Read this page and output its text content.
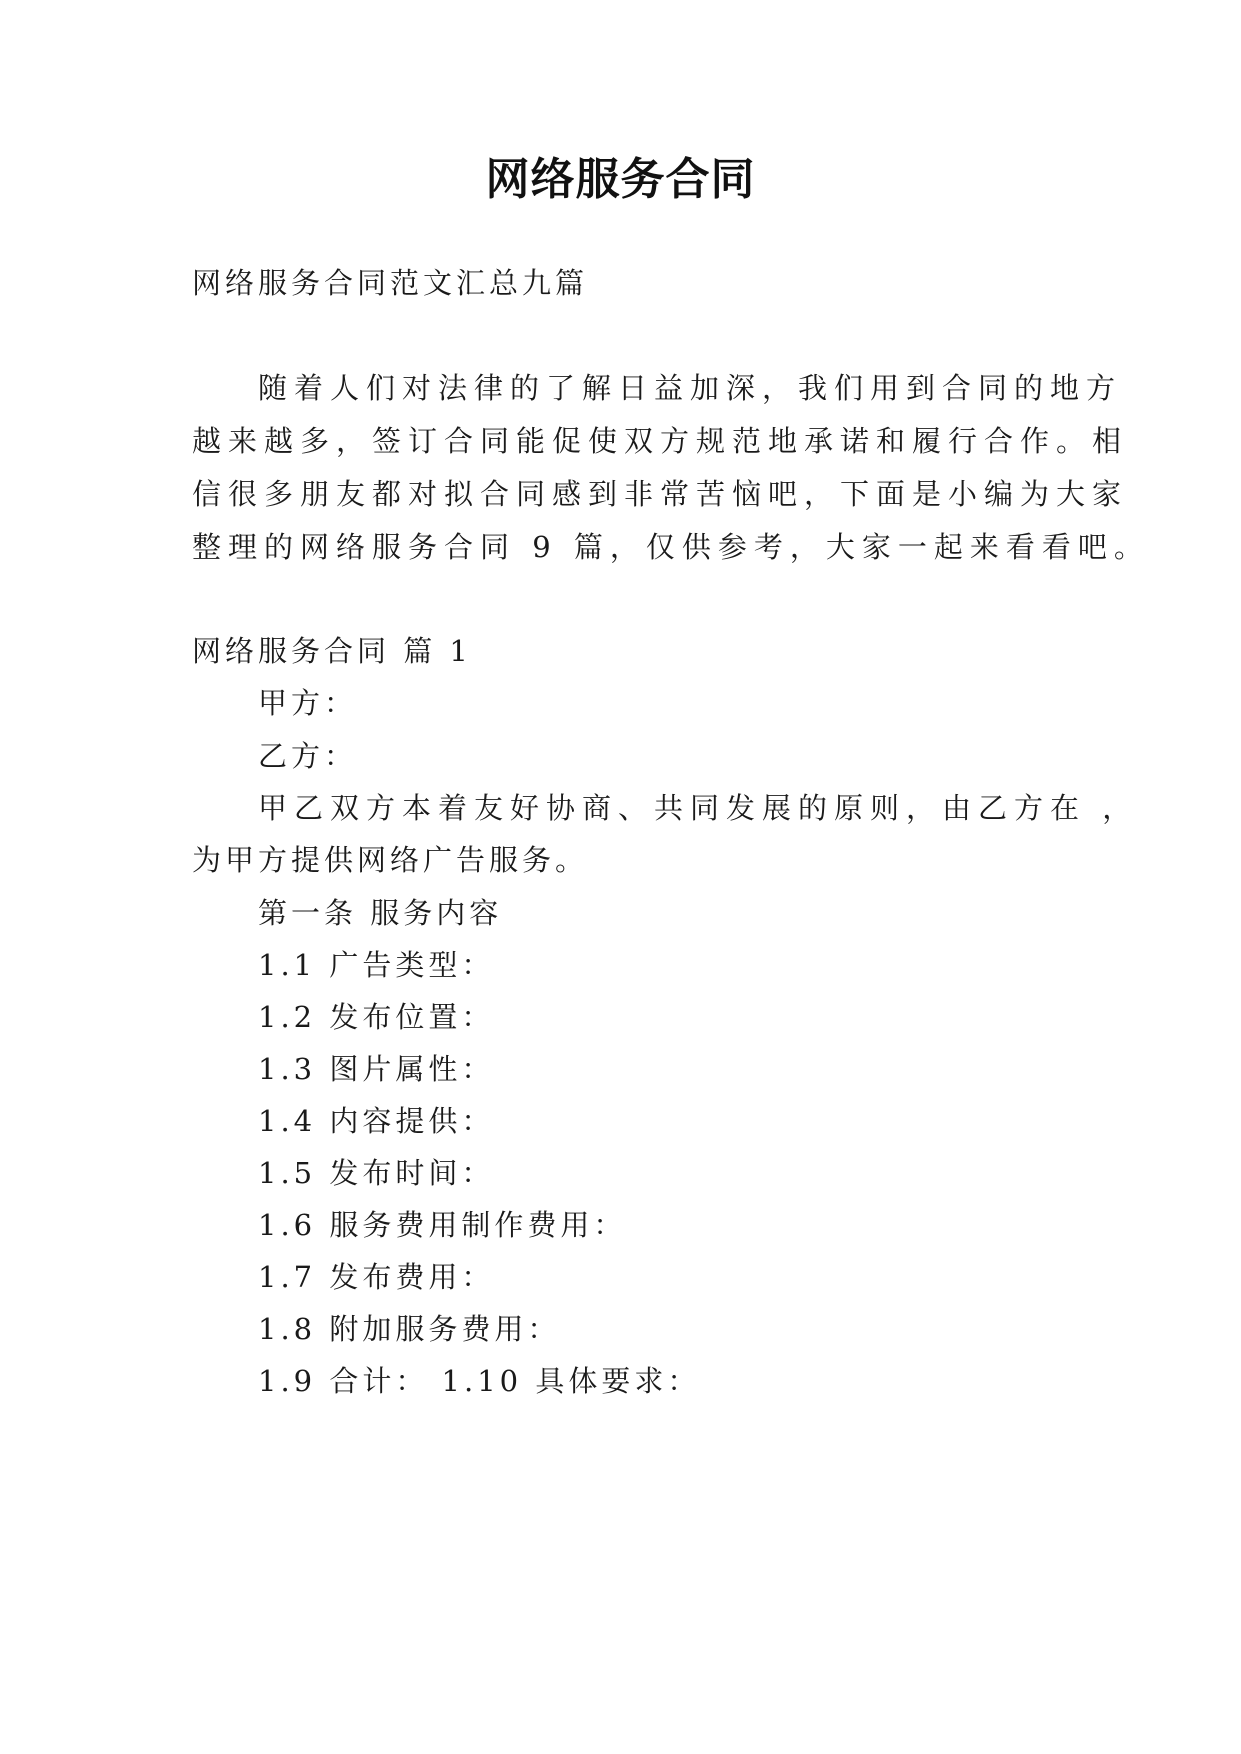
网络服务合同
网络服务合同范文汇总九篇
随着人们对法律的了解日益加深，我们用到合同的地方
越来越多，签订合同能促使双方规范地承诺和履行合作。相
信很多朋友都对拟合同感到非常苦恼吧，下面是小编为大家
整理的网络服务合同 9 篇，仅供参考，大家一起来看看吧。
网络服务合同 篇 1
甲方：
乙方：
甲乙双方本着友好协商、共同发展的原则，由乙方在 ，
为甲方提供网络广告服务。
第一条 服务内容
1.1 广告类型：
1.2 发布位置：
1.3 图片属性：
1.4 内容提供：
1.5 发布时间：
1.6 服务费用制作费用：
1.7 发布费用：
1.8 附加服务费用：
1.9 合计： 1.10 具体要求：
